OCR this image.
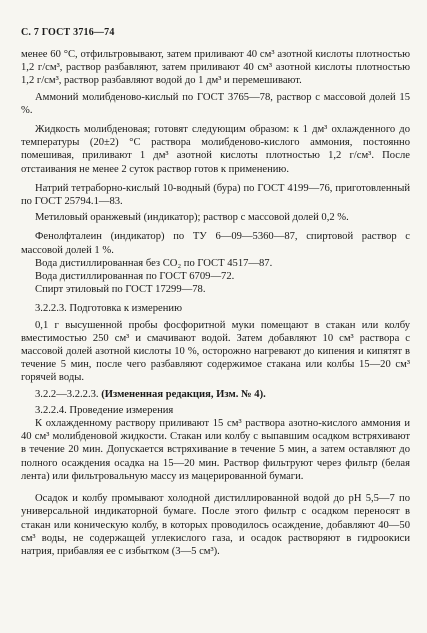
С. 7 ГОСТ 3716—74

менее 60 °С, отфильтровывают, затем приливают 40 см³ азотной кислоты плотностью 1,2 г/см³, раствор разбавляют, затем приливают 40 см³ азотной кислоты плотностью 1,2 г/см³, раствор разбавляют водой до 1 дм³ и перемешивают.

Аммоний молибденово-кислый по ГОСТ 3765—78, раствор с массовой долей 15 %.

Жидкость молибденовая; готовят следующим образом: к 1 дм³ охлажденного до температуры (20±2) °С раствора молибденово-кислого аммония, постоянно помешивая, приливают 1 дм³ азотной кислоты плотностью 1,2 г/см³. После отстаивания не менее 2 суток раствор готов к применению.

Натрий тетраборно-кислый 10-водный (бура) по ГОСТ 4199—76, приготовленный по ГОСТ 25794.1—83.

Метиловый оранжевый (индикатор); раствор с массовой долей 0,2 %.

Фенолфталеин (индикатор) по ТУ 6—09—5360—87, спиртовой раствор с массовой долей 1 %.

Вода дистиллированная без CO₂ по ГОСТ 4517—87.

Вода дистиллированная по ГОСТ 6709—72.

Спирт этиловый по ГОСТ 17299—78.

3.2.2.3. Подготовка к измерению

0,1 г высушенной пробы фосфоритной муки помещают в стакан или колбу вместимостью 250 см³ и смачивают водой. Затем добавляют 10 см³ раствора с массовой долей азотной кислоты 10 %, осторожно нагревают до кипения и кипятят в течение 5 мин, после чего разбавляют содержимое стакана или колбы 15—20 см³ горячей воды.

3.2.2—3.2.2.3. (Измененная редакция, Изм. № 4).

3.2.2.4. Проведение измерения

К охлажденному раствору приливают 15 см³ раствора азотно-кислого аммония и 40 см³ молибденовой жидкости. Стакан или колбу с выпавшим осадком встряхивают в течение 20 мин. Допускается встряхивание в течение 5 мин, а затем оставляют до полного осаждения осадка на 15—20 мин. Раствор фильтруют через фильтр (белая лента) или фильтровальную массу из мацерированной бумаги.

Осадок и колбу промывают холодной дистиллированной водой до pH 5,5—7 по универсальной индикаторной бумаге. После этого фильтр с осадком переносят в стакан или коническую колбу, в которых проводилось осаждение, добавляют 40—50 см³ воды, не содержащей углекислого газа, и осадок растворяют в гидроокиси натрия, прибавляя ее с избытком (3—5 см³).
